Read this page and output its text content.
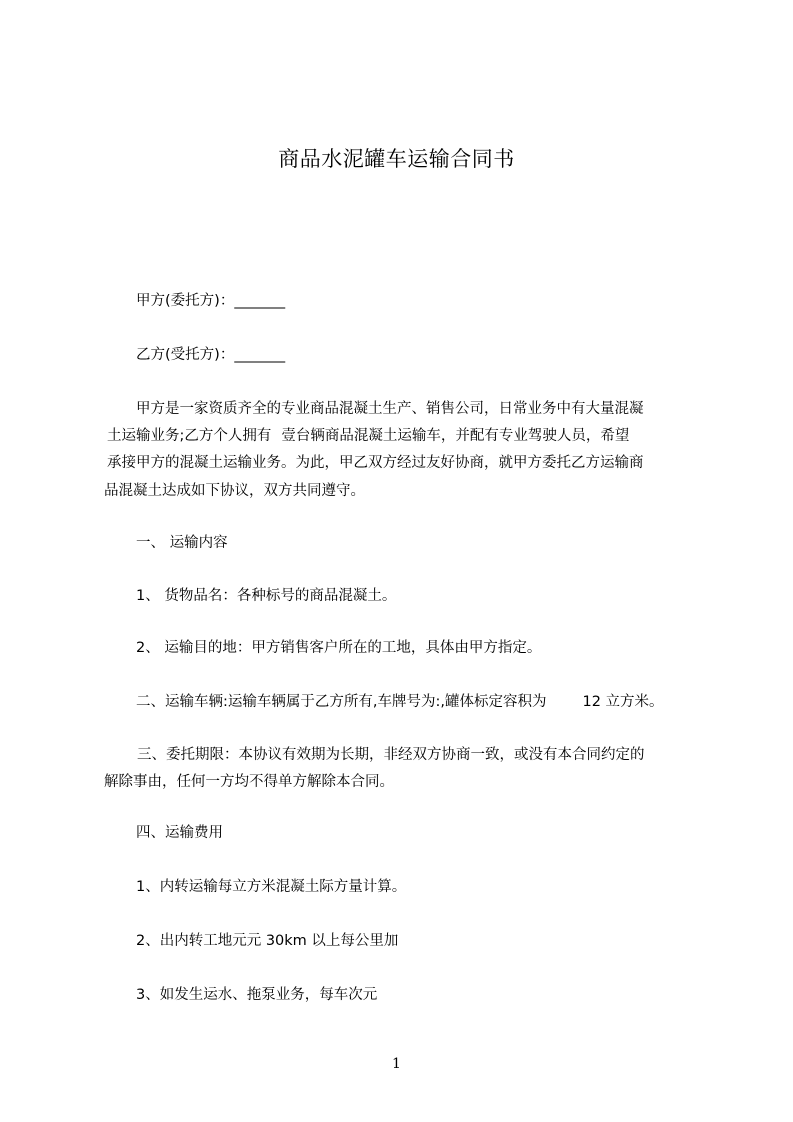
商品水泥罐车运输合同书
甲方(委托方)：_______
乙方(受托方)：_______
甲方是一家资质齐全的专业商品混凝土生产、销售公司，日常业务中有大量混凝
土运输业务;乙方个人拥有 壹台辆商品混凝土运输车，并配有专业驾驶人员，希望
承接甲方的混凝土运输业务。为此，甲乙双方经过友好协商，就甲方委托乙方运输商
品混凝土达成如下协议，双方共同遵守。
一、 运输内容
1、 货物品名：各种标号的商品混凝土。
2、 运输目的地：甲方销售客户所在的工地，具体由甲方指定。
二、运输车辆:运输车辆属于乙方所有,车牌号为:,罐体标定容积为 12 立方米。
三、委托期限：本协议有效期为长期，非经双方协商一致，或没有本合同约定的
解除事由，任何一方均不得单方解除本合同。
四、运输费用
1、内转运输每立方米混凝土际方量计算。
2、出内转工地元元 30km 以上每公里加
3、如发生运水、拖泵业务，每车次元
1
